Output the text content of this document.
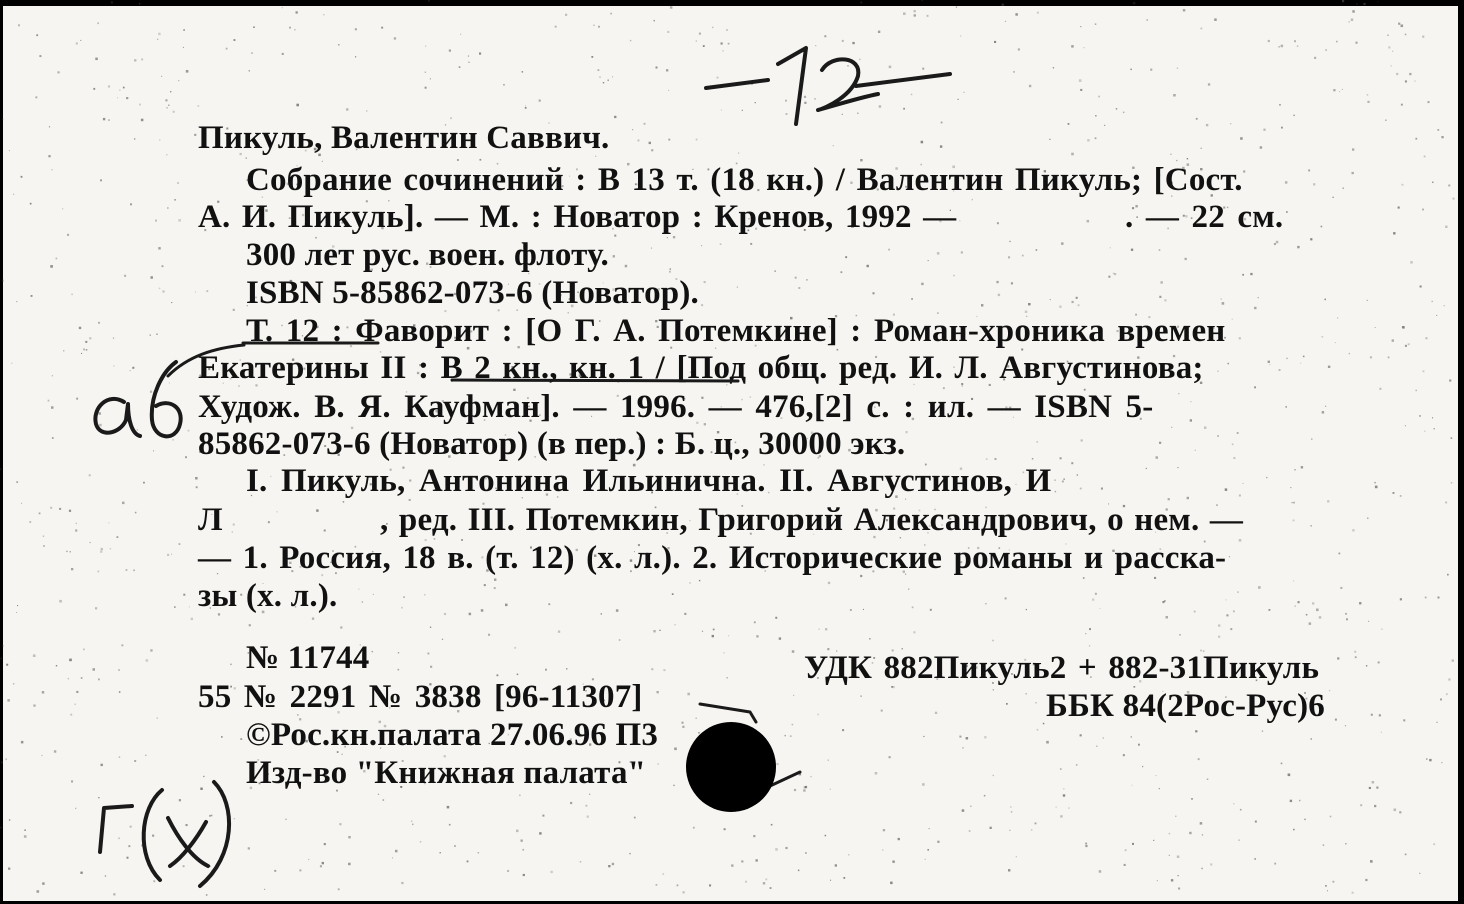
Пикуль, Валентин Саввич.
Собрание сочинений : В 13 т. (18 кн.) / Валентин Пикуль; [Сост.
А. И. Пикуль]. — М. : Новатор : Кренов, 1992 —	. — 22 см.
300 лет рус. воен. флоту.
ISBN 5-85862-073-6 (Новатор).
Т. 12 : Фаворит : [О Г. А. Потемкине] : Роман-хроника времен
Екатерины II : В 2 кн., кн. 1 / [Под общ. ред. И. Л. Августинова;
Худож. В. Я. Кауфман]. — 1996. — 476,[2] с. : ил. — ISBN 5-
85862-073-6 (Новатор) (в пер.) : Б. ц., 30000 экз.
I. Пикуль, Антонина Ильинична. II. Августинов, И
Л	, ред. III. Потемкин, Григорий Александрович, о нем. —
— 1. Россия, 18 в. (т. 12) (х. л.). 2. Исторические романы и расска-
зы (х. л.).
№ 11744
55 № 2291 № 3838 [96-11307]
©Рос.кн.палата 27.06.96 П3
Изд-во "Книжная палата"
УДК 882Пикуль2 + 882-31Пикуль
ББК 84(2Рос-Рус)6
